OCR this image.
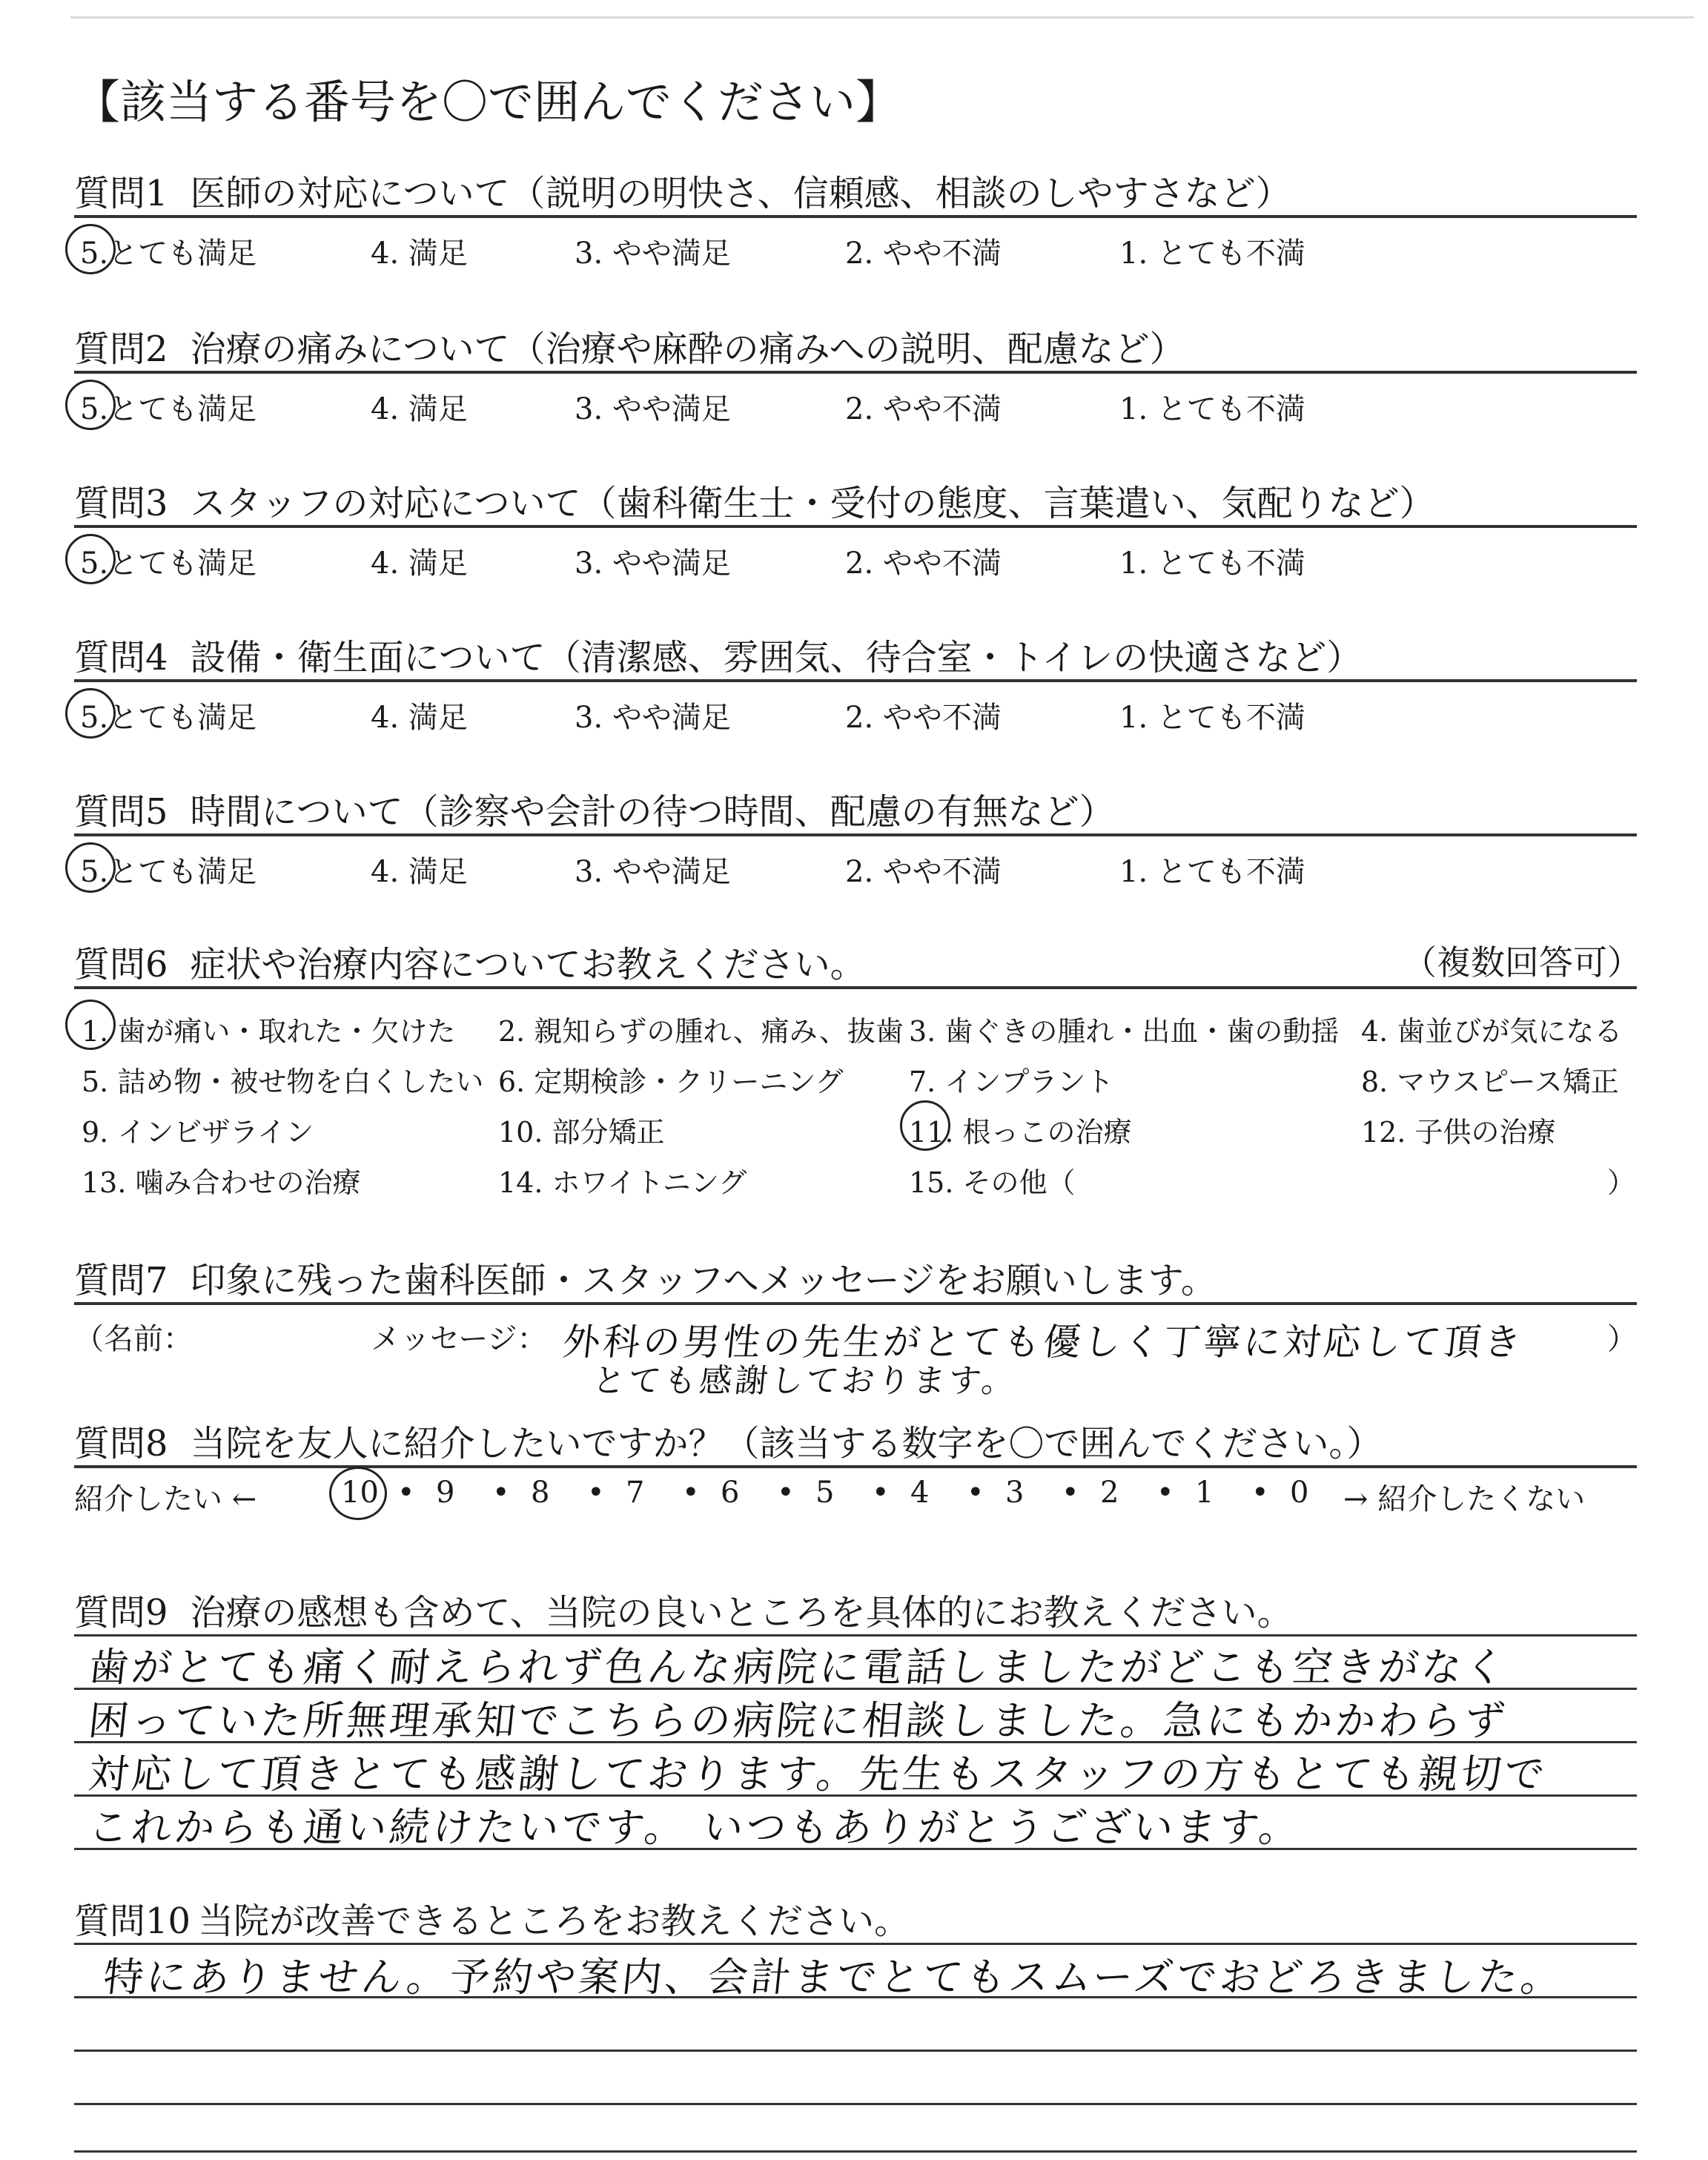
【該当する番号を〇で囲んでください】
質問1 医師の対応について（説明の明快さ、信頼感、相談のしやすさなど）
5.とても満足	4. 満足	3. やや満足	2. やや不満	1. とても不満
質問2 治療の痛みについて（治療や麻酔の痛みへの説明、配慮など）
5.とても満足	4. 満足	3. やや満足	2. やや不満	1. とても不満
質問3 スタッフの対応について（歯科衛生士・受付の態度、言葉遣い、気配りなど）
5.とても満足	4. 満足	3. やや満足	2. やや不満	1. とても不満
質問4 設備・衛生面について（清潔感、雰囲気、待合室・トイレの快適さなど）
5.とても満足	4. 満足	3. やや満足	2. やや不満	1. とても不満
質問5 時間について（診察や会計の待つ時間、配慮の有無など）
5.とても満足	4. 満足	3. やや満足	2. やや不満	1. とても不満
質問6 症状や治療内容についてお教えください。	（複数回答可）
1. 歯が痛い・取れた・欠けた 2. 親知らずの腫れ、痛み、抜歯 3. 歯ぐきの腫れ・出血・歯の動揺 4. 歯並びが気になる
5. 詰め物・被せ物を白くしたい 6. 定期検診・クリーニング 7. インプラント	8. マウスピース矯正
9. インビザライン	10. 部分矯正	11. 根っこの治療	12. 子供の治療
13. 噛み合わせの治療	14. ホワイトニング	15. その他（	）
質問7 印象に残った歯科医師・スタッフへメッセージをお願いします。
（名前：	メッセージ：	）
外科の男性の先生がとても優しく丁寧に対応して頂き
とても感謝しております。
質問8 当院を友人に紹介したいですか？（該当する数字を〇で囲んでください。）
紹介したい ←	→ 紹介したくない
10 • 9 • 8 • 7 • 6 • 5 • 4 • 3 • 2 • 1 • 0
質問9 治療の感想も含めて、当院の良いところを具体的にお教えください。
歯がとても痛く耐えられず色んな病院に電話しましたがどこも空きがなく
困っていた所無理承知でこちらの病院に相談しました。急にもかかわらず
対応して頂きとても感謝しております。先生もスタッフの方もとても親切で
これからも通い続けたいです。 いつもありがとうございます。
質問10 当院が改善できるところをお教えください。
特にありません。予約や案内、会計までとてもスムーズでおどろきました。
